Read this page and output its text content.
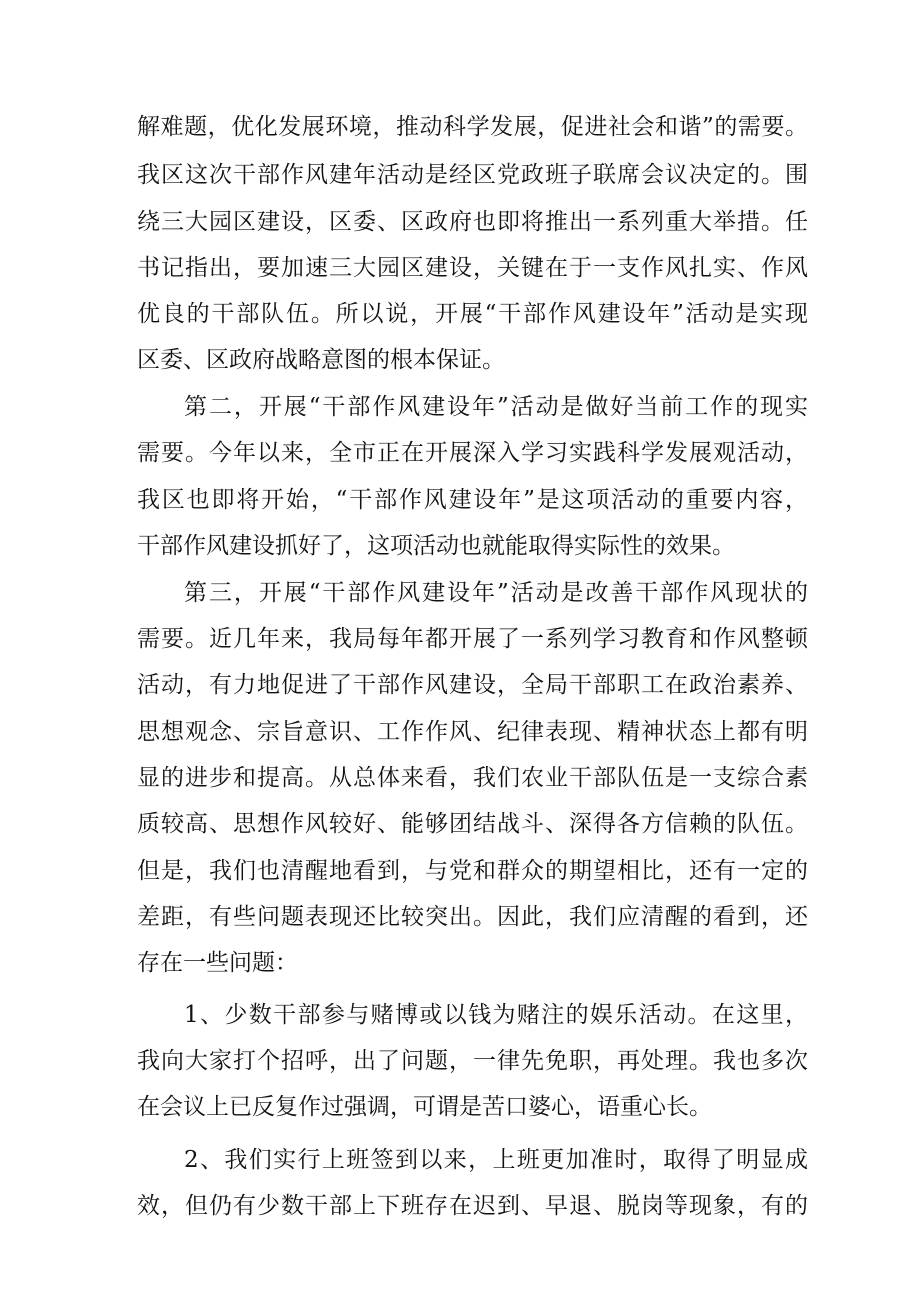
解难题，优化发展环境，推动科学发展，促进社会和谐”的需要。
我区这次干部作风建年活动是经区党政班子联席会议决定的。围
绕三大园区建设，区委、区政府也即将推出一系列重大举措。任
书记指出，要加速三大园区建设，关键在于一支作风扎实、作风
优良的干部队伍。所以说，开展“干部作风建设年”活动是实现
区委、区政府战略意图的根本保证。
第二，开展“干部作风建设年”活动是做好当前工作的现实
需要。今年以来，全市正在开展深入学习实践科学发展观活动，
我区也即将开始，“干部作风建设年”是这项活动的重要内容，
干部作风建设抓好了，这项活动也就能取得实际性的效果。
第三，开展“干部作风建设年”活动是改善干部作风现状的
需要。近几年来，我局每年都开展了一系列学习教育和作风整顿
活动，有力地促进了干部作风建设，全局干部职工在政治素养、
思想观念、宗旨意识、工作作风、纪律表现、精神状态上都有明
显的进步和提高。从总体来看，我们农业干部队伍是一支综合素
质较高、思想作风较好、能够团结战斗、深得各方信赖的队伍。
但是，我们也清醒地看到，与党和群众的期望相比，还有一定的
差距，有些问题表现还比较突出。因此，我们应清醒的看到，还
存在一些问题：
1、少数干部参与赌博或以钱为赌注的娱乐活动。在这里，
我向大家打个招呼，出了问题，一律先免职，再处理。我也多次
在会议上已反复作过强调，可谓是苦口婆心，语重心长。
2、我们实行上班签到以来，上班更加准时，取得了明显成
效，但仍有少数干部上下班存在迟到、早退、脱岗等现象，有的
